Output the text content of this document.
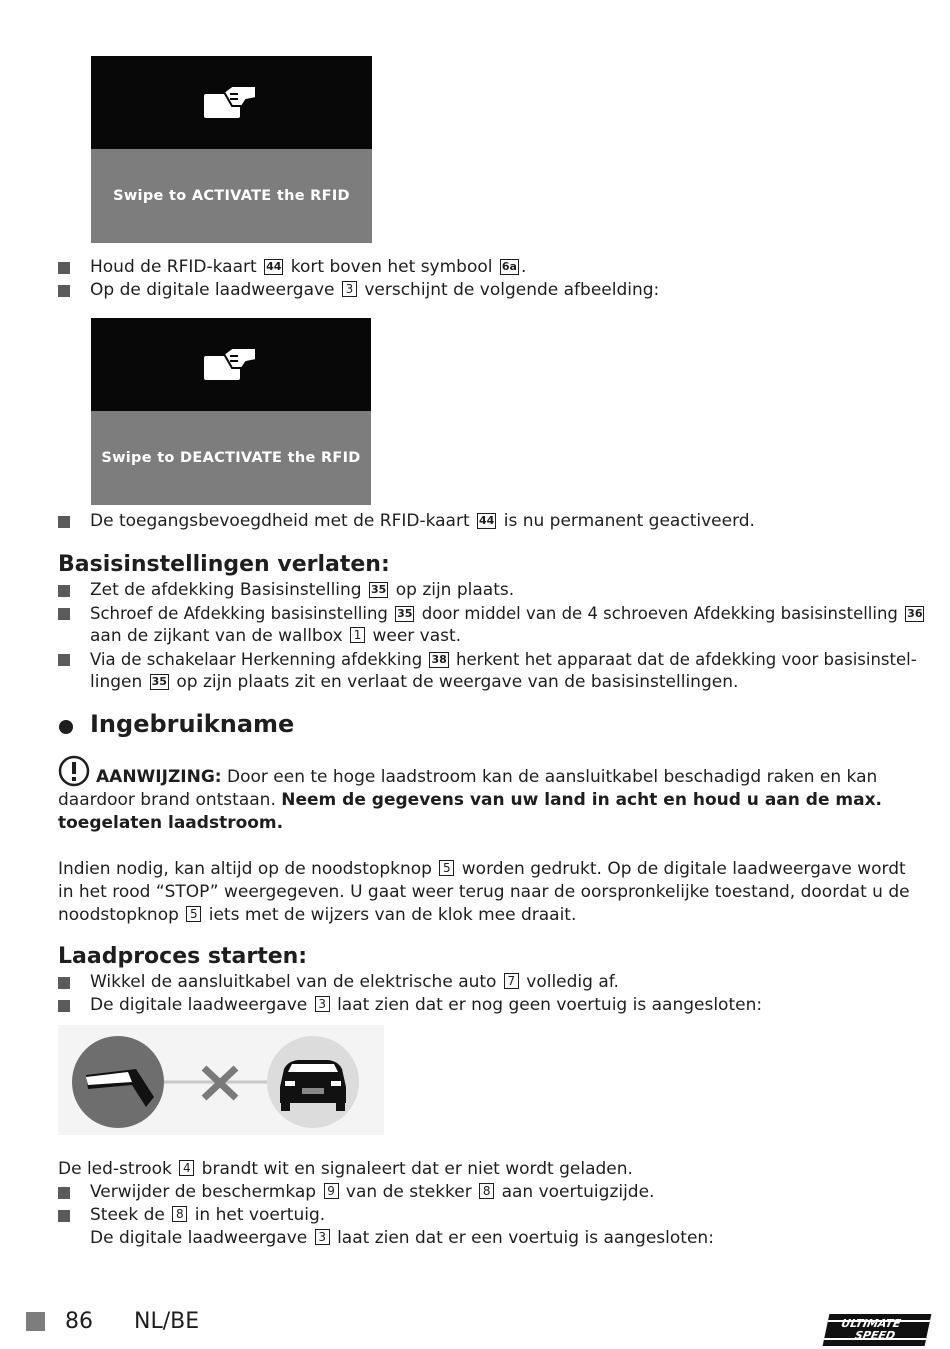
Swipe to ACTIVATE the RFID
Houd de RFID-kaart 44 kort boven het symbool 6a .
Op de digitale laadweergave 3 verschijnt de volgende afbeelding:
Swipe to DEACTIVATE the RFID
De toegangsbevoegdheid met de RFID-kaart 44 is nu permanent geactiveerd.
Basisinstellingen verlaten:
Zet de afdekking Basisinstelling 35 op zijn plaats.
Schroef de Afdekking basisinstelling 35 door middel van de 4 schroeven Afdekking basisinstelling 36
aan de zijkant van de wallbox 1 weer vast.
Via de schakelaar Herkenning afdekking 38 herkent het apparaat dat de afdekking voor basisinstel-
lingen 35 op zijn plaats zit en verlaat de weergave van de basisinstellingen.
Ingebruikname
AANWIJZING: Door een te hoge laadstroom kan de aansluitkabel beschadigd raken en kan
daardoor brand ontstaan. Neem de gegevens van uw land in acht en houd u aan de max.
toegelaten laadstroom.
Indien nodig, kan altijd op de noodstopknop 5 worden gedrukt. Op de digitale laadweergave wordt
in het rood “STOP” weergegeven. U gaat weer terug naar de oorspronkelijke toestand, doordat u de
noodstopknop 5 iets met de wijzers van de klok mee draait.
Laadproces starten:
Wikkel de aansluitkabel van de elektrische auto 7 volledig af.
De digitale laadweergave 3 laat zien dat er nog geen voertuig is aangesloten:
De led-strook 4 brandt wit en signaleert dat er niet wordt geladen.
Verwijder de beschermkap 9 van de stekker 8 aan voertuigzijde.
Steek de 8 in het voertuig.
De digitale laadweergave 3 laat zien dat er een voertuig is aangesloten:
86 NL/BE	ULTIMATE
SPEED
